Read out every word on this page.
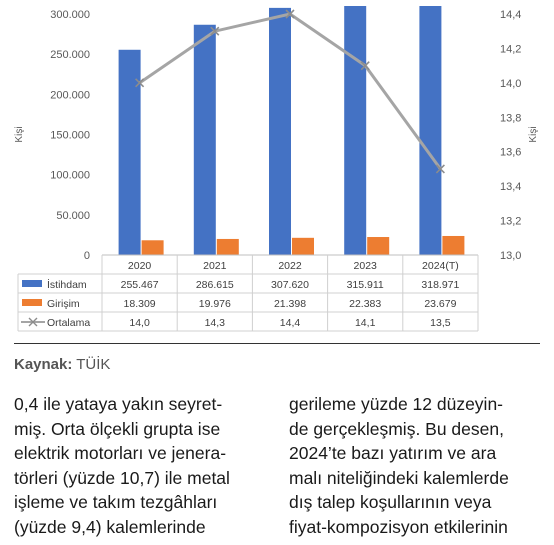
0
50.000
100.000
150.000
200.000
250.000
300.000
13,0
13,2
13,4
13,6
13,8
14,0
14,2
14,4
Kişi	Kişi
2020	2021	2022	2023	2024(T)
İstihdam	255.467	286.615	307.620	315.911	318.971
Girişim	18.309	19.976	21.398	22.383	23.679
Ortalama	14,0	14,3	14,4	14,1	13,5
Kaynak: TÜİK
0,4 ile yataya yakın seyret-
miş. Orta ölçekli grupta ise
elektrik motorları ve jenera-
törleri (yüzde 10,7) ile metal
işleme ve takım tezgâhları
(yüzde 9,4) kalemlerinde
gerileme yüzde 12 düzeyin-
de gerçekleşmiş. Bu desen,
2024’te bazı yatırım ve ara
malı niteliğindeki kalemlerde
dış talep koşullarının veya
fiyat-kompozisyon etkilerinin
